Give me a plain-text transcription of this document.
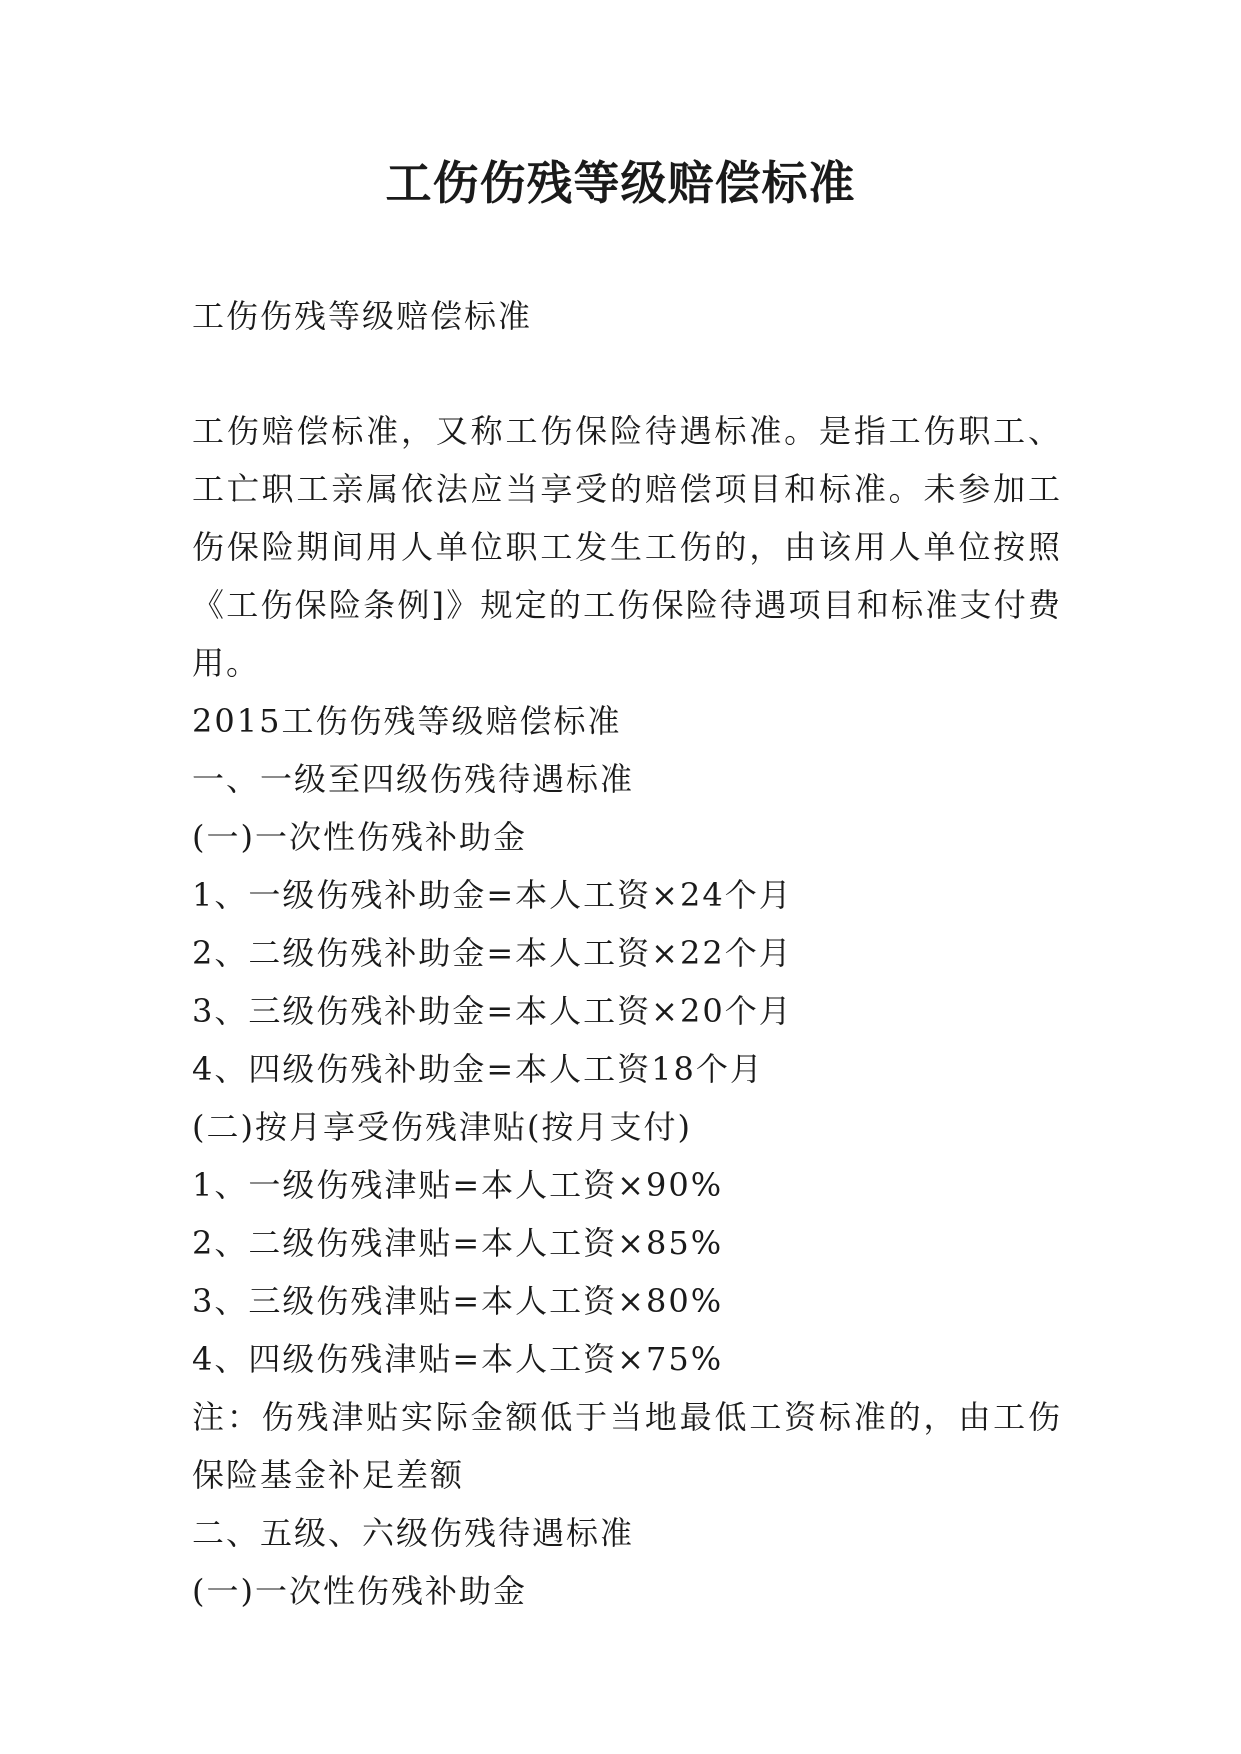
工伤伤残等级赔偿标准
工伤伤残等级赔偿标准

工伤赔偿标准，又称工伤保险待遇标准。是指工伤职工、工亡职工亲属依法应当享受的赔偿项目和标准。未参加工伤保险期间用人单位职工发生工伤的，由该用人单位按照《工伤保险条例]》规定的工伤保险待遇项目和标准支付费用。

2015工伤伤残等级赔偿标准

一、一级至四级伤残待遇标准

(一)一次性伤残补助金

1、一级伤残补助金=本人工资×24个月

2、二级伤残补助金=本人工资×22个月

3、三级伤残补助金=本人工资×20个月

4、四级伤残补助金=本人工资18个月

(二)按月享受伤残津贴(按月支付)

1、一级伤残津贴=本人工资×90%

2、二级伤残津贴=本人工资×85%

3、三级伤残津贴=本人工资×80%

4、四级伤残津贴=本人工资×75%

注：伤残津贴实际金额低于当地最低工资标准的，由工伤保险基金补足差额

二、五级、六级伤残待遇标准

(一)一次性伤残补助金
